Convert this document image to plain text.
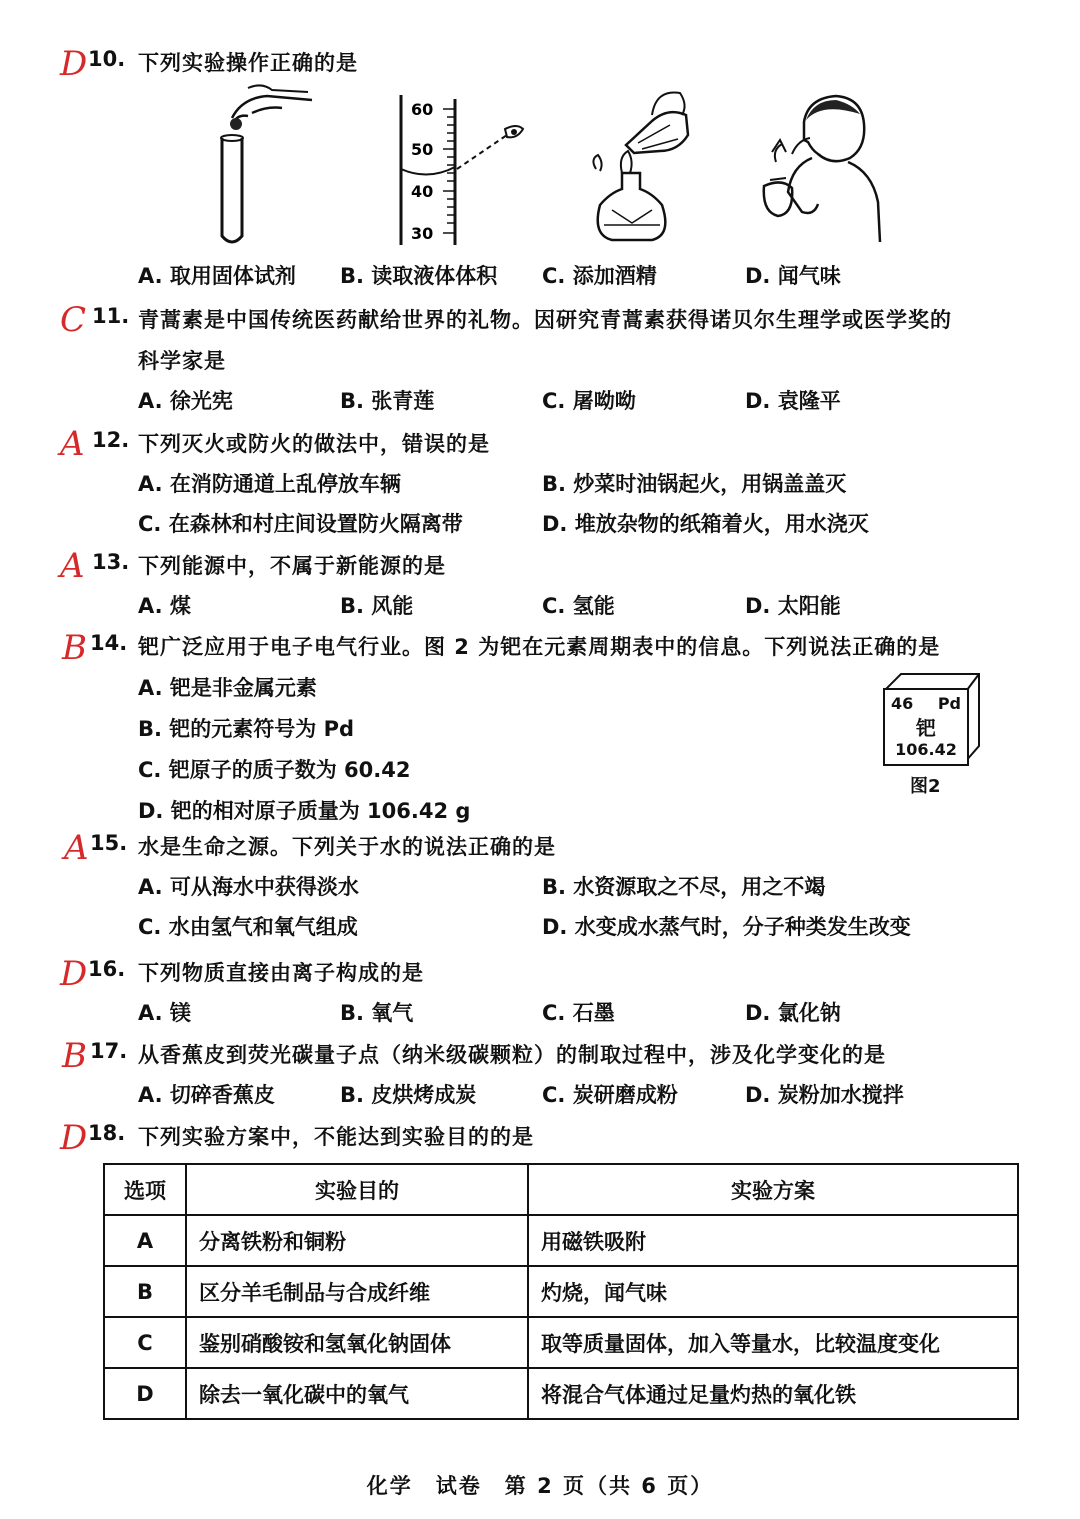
D 10. 下列实验操作正确的是
60
50
40
30
A. 取用固体试剂 B. 读取液体体积 C. 添加酒精	D. 闻气味
C 11. 青蒿素是中国传统医药献给世界的礼物。因研究青蒿素获得诺贝尔生理学或医学奖的
科学家是
A. 徐光宪	B. 张青莲	C. 屠呦呦	D. 袁隆平
A 12. 下列灭火或防火的做法中，错误的是
A. 在消防通道上乱停放车辆	B. 炒菜时油锅起火，用锅盖盖灭
C. 在森林和村庄间设置防火隔离带	D. 堆放杂物的纸箱着火，用水浇灭
A 13. 下列能源中，不属于新能源的是
A. 煤	B. 风能	C. 氢能	D. 太阳能
B 14. 钯广泛应用于电子电气行业。图 2 为钯在元素周期表中的信息。下列说法正确的是
A. 钯是非金属元素
B. 钯的元素符号为 Pd
C. 钯原子的质子数为 60.42
D. 钯的相对原子质量为 106.42 g
46 Pd
钯
106.42
图2
A 15. 水是生命之源。下列关于水的说法正确的是
A. 可从海水中获得淡水	B. 水资源取之不尽，用之不竭
C. 水由氢气和氧气组成	D. 水变成水蒸气时，分子种类发生改变
D 16. 下列物质直接由离子构成的是
A. 镁	B. 氧气	C. 石墨	D. 氯化钠
B 17. 从香蕉皮到荧光碳量子点（纳米级碳颗粒）的制取过程中，涉及化学变化的是
A. 切碎香蕉皮	B. 皮烘烤成炭	C. 炭研磨成粉	D. 炭粉加水搅拌
D 18. 下列实验方案中，不能达到实验目的的是
选项	实验目的	实验方案
A	分离铁粉和铜粉	用磁铁吸附
B	区分羊毛制品与合成纤维	灼烧，闻气味
C	鉴别硝酸铵和氢氧化钠固体	取等质量固体，加入等量水，比较温度变化
D	除去一氧化碳中的氧气	将混合气体通过足量灼热的氧化铁
化学　试卷　第 2 页（共 6 页）
